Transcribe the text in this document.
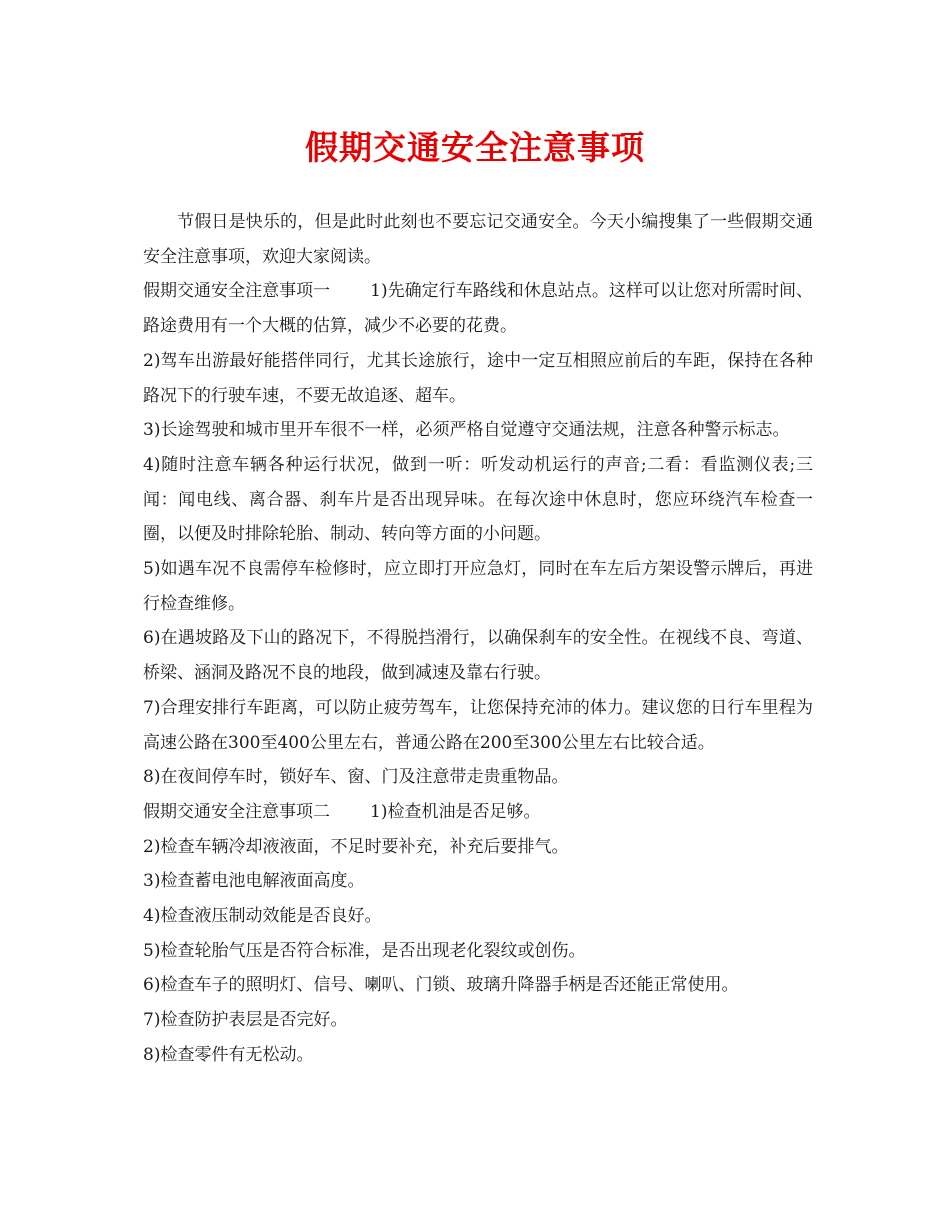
假期交通安全注意事项

节假日是快乐的，但是此时此刻也不要忘记交通安全。今天小编搜集了一些假期交通安全注意事项，欢迎大家阅读。

假期交通安全注意事项一 1)先确定行车路线和休息站点。这样可以让您对所需时间、路途费用有一个大概的估算，减少不必要的花费。

2)驾车出游最好能搭伴同行，尤其长途旅行，途中一定互相照应前后的车距，保持在各种路况下的行驶车速，不要无故追逐、超车。

3)长途驾驶和城市里开车很不一样，必须严格自觉遵守交通法规，注意各种警示标志。

4)随时注意车辆各种运行状况，做到一听：听发动机运行的声音;二看：看监测仪表;三闻：闻电线、离合器、刹车片是否出现异味。在每次途中休息时，您应环绕汽车检查一圈，以便及时排除轮胎、制动、转向等方面的小问题。

5)如遇车况不良需停车检修时，应立即打开应急灯，同时在车左后方架设警示牌后，再进行检查维修。

6)在遇坡路及下山的路况下，不得脱挡滑行，以确保刹车的安全性。在视线不良、弯道、桥梁、涵洞及路况不良的地段，做到减速及靠右行驶。

7)合理安排行车距离，可以防止疲劳驾车，让您保持充沛的体力。建议您的日行车里程为高速公路在300至400公里左右，普通公路在200至300公里左右比较合适。

8)在夜间停车时，锁好车、窗、门及注意带走贵重物品。

假期交通安全注意事项二 1)检查机油是否足够。

2)检查车辆冷却液液面，不足时要补充，补充后要排气。

3)检查蓄电池电解液面高度。

4)检查液压制动效能是否良好。

5)检查轮胎气压是否符合标准，是否出现老化裂纹或创伤。

6)检查车子的照明灯、信号、喇叭、门锁、玻璃升降器手柄是否还能正常使用。

7)检查防护表层是否完好。

8)检查零件有无松动。
